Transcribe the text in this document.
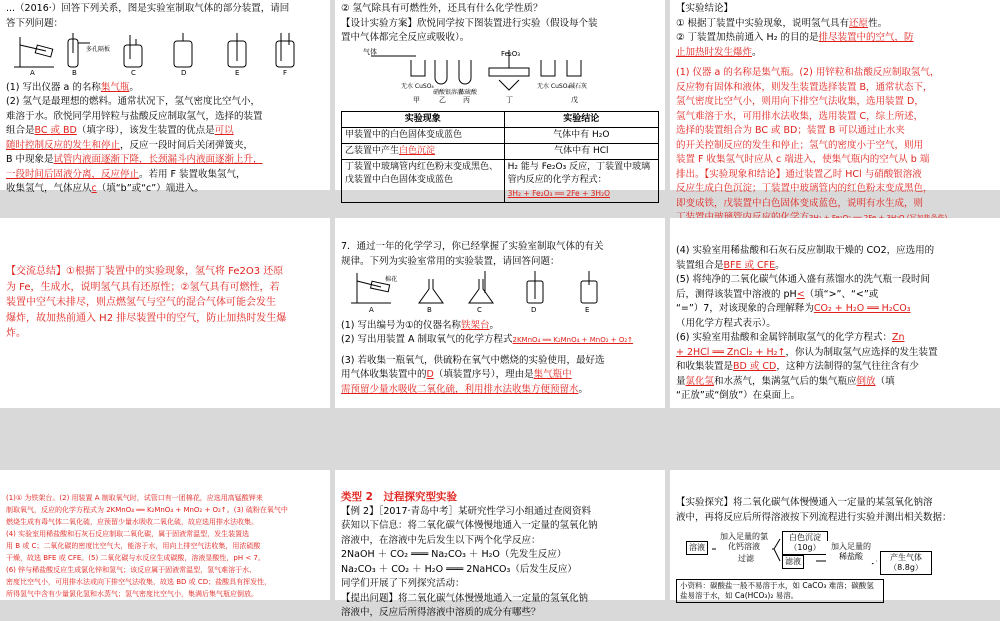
...（2016·）回答下列关系，图是实验室制取气体的部分装置，请回

答下列问题：

多孔隔板
A	B	C	D	E	F

(1) 写出仪器 a 的名称集气瓶。

(2) 氢气是最理想的燃料。通常状况下，氢气密度比空气小，

难溶于水。欣悦同学用锌粒与盐酸反应制取氢气，选择的装置

组合是BC 或 BD（填字母），该发生装置的优点是可以

随时控制反应的发生和停止，反应一段时间后关闭弹簧夹，

B 中现象是试管内液面逐渐下降，长颈漏斗内液面逐渐上升，

一段时间后固液分离，反应停止。若用 F 装置收集氢气，

收集氢气，气体应从c（填“b”或“c”）端进入。

② 氢气除具有可燃性外，还具有什么化学性质？

【设计实验方案】欣悦同学按下图装置进行实验（假设每个装

置中气体都完全反应或吸收）。

气体	Fe₂O₃
无水 CuSO₄
硝酸银溶液
浓硫酸
无水 CuSO₄ 碱石灰
甲	乙 丙	丁	戊
实验现象	实验结论
甲装置中的白色固体变成蓝色	气体中有 H₂O
乙装置中产生白色沉淀	气体中有 HCl
丁装置中玻璃管内红色粉末变成黑色、戊装置中白色固体变成蓝色	H₂ 能与 Fe₂O₃ 反应，丁装置中玻璃管内反应的化学方程式：
3H₂ + Fe₂O₃ ══ 2Fe + 3H₂O

【实验结论】

① 根据丁装置中实验现象，说明氢气具有还原性。

② 丁装置加热前通入 H₂ 的目的是排尽装置中的空气，防

止加热时发生爆炸。

(1) 仪器 a 的名称是集气瓶。(2) 用锌粒和盐酸反应制取氢气，

反应物有固体和液体，则发生装置选择装置 B，通常状态下，

氢气密度比空气小，则用向下排空气法收集，选用装置 D，

氢气难溶于水，可用排水法收集，选用装置 C，综上所述，

选择的装置组合为 BC 或 BD；装置 B 可以通过止水夹

的开关控制反应的发生和停止；氢气的密度小于空气，则用

装置 F 收集氢气时应从 c 端进入，使集气瓶内的空气从 b 端

排出。【实验现象和结论】通过装置乙时 HCl 与硝酸银溶液

反应生成白色沉淀；丁装置中玻璃管内的红色粉末变成黑色，

即变成铁，戊装置中白色固体变成蓝色，说明有水生成，则

【交流总结】①根据丁装置中的实验现象，氢气将 Fe2O3 还原

为 Fe，生成水，说明氢气具有还原性；②氢气具有可燃性，若

装置中空气未排尽，则点燃氢气与空气的混合气体可能会发生

爆炸，故加热前通入 H2 排尽装置中的空气，防止加热时发生爆

炸。

7．通过一年的化学学习，你已经掌握了实验室制取气体的有关

规律。下列为实验室常用的实验装置，请回答问题：

棉花
A	B	C	D	E

(1) 写出编号为①的仪器名称铁架台。

(2) 写出用装置 A 制取氧气的化学方程式2KMnO₄ ══ K₂MnO₄ + MnO₂ + O₂↑

(3) 若收集一瓶氧气，供硫粉在氧气中燃烧的实验使用，最好选

用气体收集装置中的D（填装置序号），理由是集气瓶中

需预留少量水吸收二氧化硫，利用排水法收集方便预留水。

(4) 实验室用稀盐酸和石灰石反应制取干燥的 CO2，应选用的

装置组合是BFE 或 CFE。

(5) 将纯净的二氧化碳气体通入盛有蒸馏水的洗气瓶一段时间

后，测得该装置中溶液的 pH<（填“>”、“<”或

“=”）7，对该现象的合理解释为CO₂ + H₂O ══ H₂CO₃

（用化学方程式表示）。

(6) 实验室用盐酸和金属锌制取氢气的化学方程式：Zn

+ 2HCl ══ ZnCl₂ + H₂↑，你认为制取氢气应选择的发生装置

和收集装置是BD 或 CD，这种方法制得的氢气往往含有少

量氯化氢和水蒸气，集满氢气后的集气瓶应倒放（填

“正放”或“倒放”）在桌面上。

(1)① 为铁架台。(2) 用装置 A 制取氧气时，试管口有一团棉花，应选用高锰酸钾来

制取氧气，反应的化学方程式为 2KMnO₄ ══ K₂MnO₄ + MnO₂ + O₂↑。(3) 硫粉在氧气中

燃烧生成有毒气体二氧化硫，应预留少量水吸收二氧化硫，故应选用排水法收集。

(4) 实验室用稀盐酸和石灰石反应制取二氧化碳，属于固液常温型，发生装置选

用 B 或 C；二氧化碳的密度比空气大，能溶于水，用向上排空气法收集，用浓硫酸

干燥，故选 BFE 或 CFE。(5) 二氧化碳与水反应生成碳酸，溶液显酸性，pH < 7。

(6) 锌与稀盐酸反应生成氯化锌和氢气；该反应属于固液常温型，氢气难溶于水、

密度比空气小，可用排水法或向下排空气法收集，故选 BD 或 CD；盐酸具有挥发性，

所得氢气中含有少量氯化氢和水蒸气；氢气密度比空气小，集满后集气瓶应倒放。

类型 2　过程探究型实验

【例 2】［2017·青岛中考］某研究性学习小组通过查阅资料

获知以下信息：将二氧化碳气体慢慢地通入一定量的氢氧化钠

溶液中，在溶液中先后发生以下两个化学反应：

2NaOH ＋ CO₂ ═══ Na₂CO₃ ＋ H₂O（先发生反应）

Na₂CO₃ ＋ CO₂ ＋ H₂O ═══ 2NaHCO₃（后发生反应）

同学们开展了下列探究活动：

【提出问题】将二氧化碳气体慢慢地通入一定量的氢氧化钠

溶液中，反应后所得溶液中溶质的成分有哪些？

【实验探究】将二氧化碳气体慢慢通入一定量的某氢氧化钠溶

液中，再将反应后所得溶液按下列流程进行实验并测出相关数据：

溶液
加入足量的氯化钙溶液
过滤
白色沉淀（10g）
滤液
加入足量的稀盐酸	产生气体（8.8g）
小资料：碳酸盐一般不易溶于水，如 CaCO₃ 难溶；碳酸氢盐易溶于水，如 Ca(HCO₃)₂ 易溶。
